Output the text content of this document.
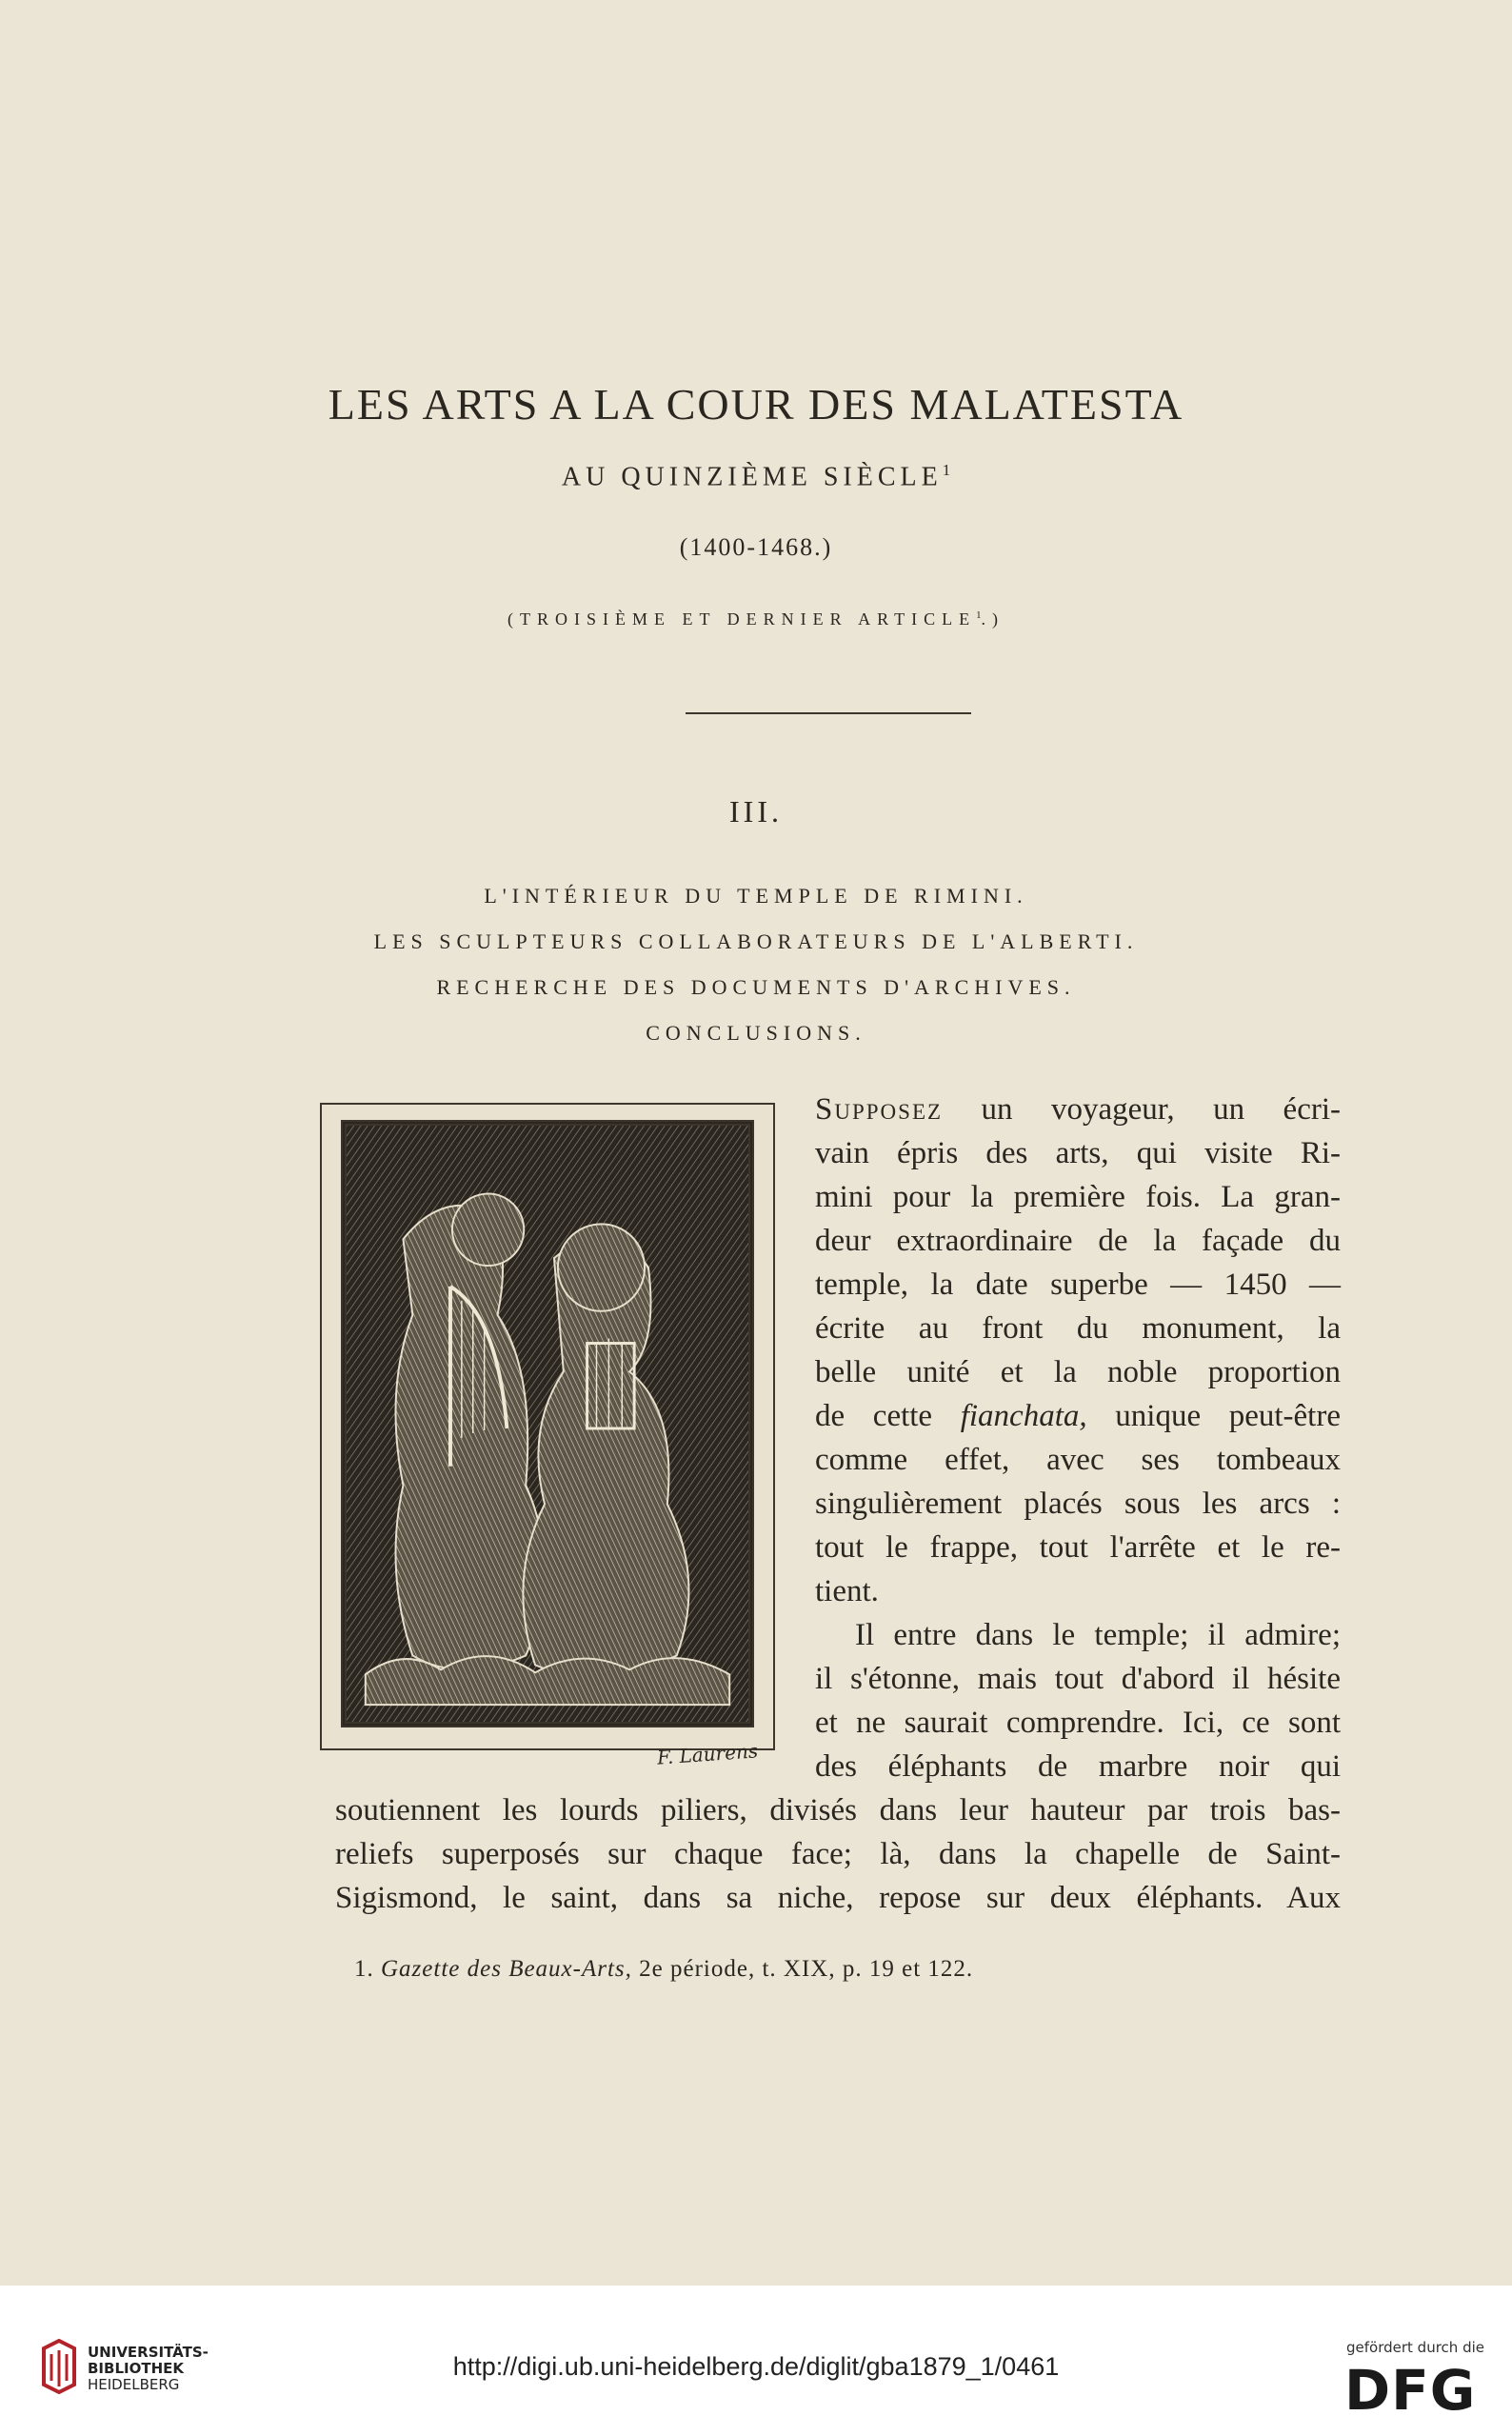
LES ARTS A LA COUR DES MALATESTA
AU QUINZIÈME SIÈCLE$^1$
(1400-1468.)
(TROISIÈME ET DERNIER ARTICLE$^1$.)
III.
L'INTÉRIEUR DU TEMPLE DE RIMINI.
LES SCULPTEURS COLLABORATEURS DE L'ALBERTI.
RECHERCHE DES DOCUMENTS D'ARCHIVES.
CONCLUSIONS.
F. Laurens
Supposez un voyageur, un écri-
vain épris des arts, qui visite Ri-
mini pour la première fois. La gran-
deur extraordinaire de la façade du
temple, la date superbe — 1450 —
écrite au front du monument, la
belle unité et la noble proportion
de cette fianchata, unique peut-être
comme effet, avec ses tombeaux
singulièrement placés sous les arcs :
tout le frappe, tout l'arrête et le re-
tient.
Il entre dans le temple; il admire;
il s'étonne, mais tout d'abord il hésite
et ne saurait comprendre. Ici, ce sont
des éléphants de marbre noir qui
soutiennent les lourds piliers, divisés dans leur hauteur par trois bas-
reliefs superposés sur chaque face; là, dans la chapelle de Saint-
Sigismond, le saint, dans sa niche, repose sur deux éléphants. Aux
1. Gazette des Beaux-Arts, 2e période, t. XIX, p. 19 et 122.
UNIVERSITÄTS-
BIBLIOTHEK
HEIDELBERG
http://digi.ub.uni-heidelberg.de/diglit/gba1879_1/0461
gefördert durch die
DFG
